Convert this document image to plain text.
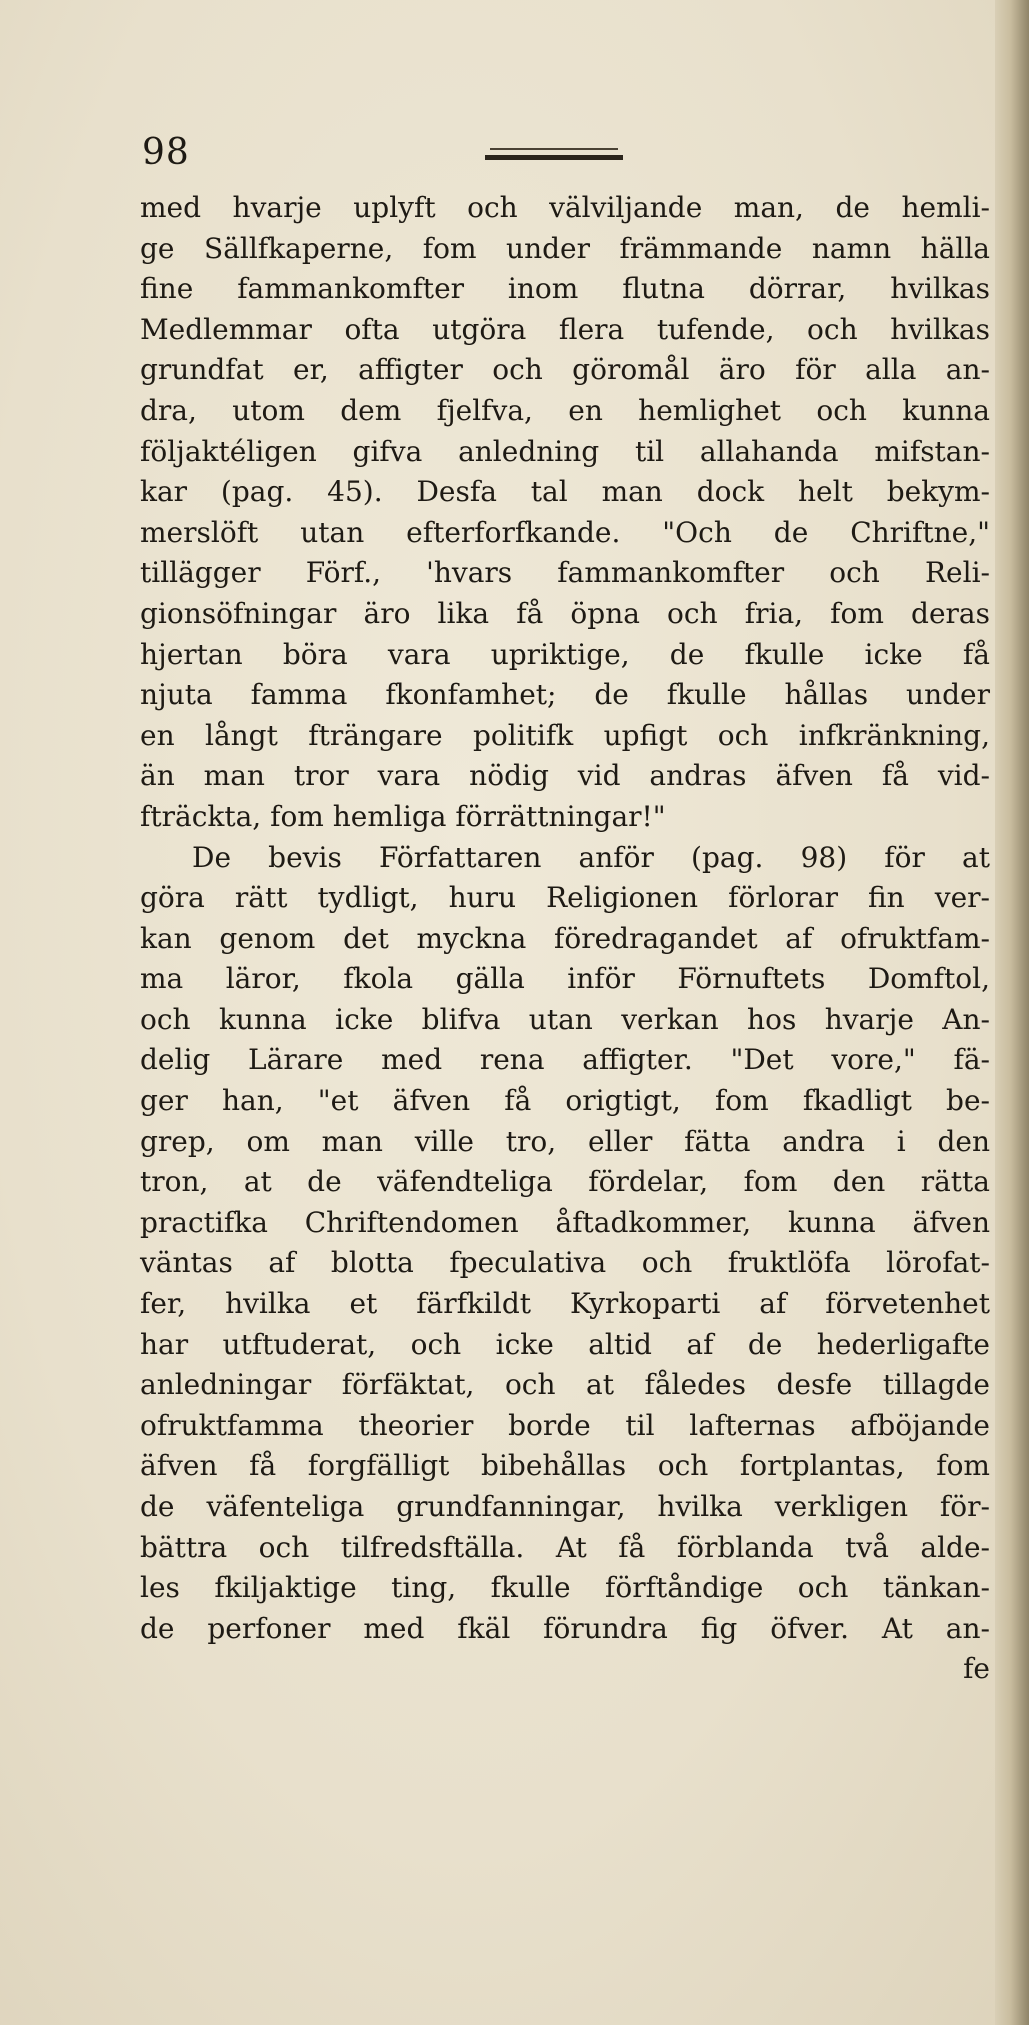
98
med hvarje uplyft och välviljande man, de hemli-
ge Sällfkaperne, fom under främmande namn hälla
fine fammankomfter inom flutna dörrar, hvilkas
Medlemmar ofta utgöra flera tufende, och hvilkas
grundfat er, affigter och göromål äro för alla an-
dra, utom dem fjelfva, en hemlighet och kunna
följaktéligen gifva anledning til allahanda mifstan-
kar (pag. 45). Desfa tal man dock helt bekym-
merslöft utan efterforfkande. "Och de Chriftne,"
tillägger Förf., 'hvars fammankomfter och Reli-
gionsöfningar äro lika få öpna och fria, fom deras
hjertan böra vara upriktige, de fkulle icke få
njuta famma fkonfamhet; de fkulle hållas under
en långt fträngare politifk upfigt och infkränkning,
än man tror vara nödig vid andras äfven få vid-
fträckta, fom hemliga förrättningar!"
De bevis Författaren anför (pag. 98) för at
göra rätt tydligt, huru Religionen förlorar fin ver-
kan genom det myckna föredragandet af ofruktfam-
ma läror, fkola gälla inför Förnuftets Domftol,
och kunna icke blifva utan verkan hos hvarje An-
delig Lärare med rena affigter. "Det vore," fä-
ger han, "et äfven få origtigt, fom fkadligt be-
grep, om man ville tro, eller fätta andra i den
tron, at de väfendteliga fördelar, fom den rätta
practifka Chriftendomen åftadkommer, kunna äfven
väntas af blotta fpeculativa och fruktlöfa lörofat-
fer, hvilka et färfkildt Kyrkoparti af förvetenhet
har utftuderat, och icke altid af de hederligafte
anledningar förfäktat, och at fåledes desfe tillagde
ofruktfamma theorier borde til lafternas afböjande
äfven få forgfälligt bibehållas och fortplantas, fom
de väfenteliga grundfanningar, hvilka verkligen för-
bättra och tilfredsftälla. At få förblanda två alde-
les fkiljaktige ting, fkulle förftåndige och tänkan-
de perfoner med fkäl förundra fig öfver. At an-
fe
